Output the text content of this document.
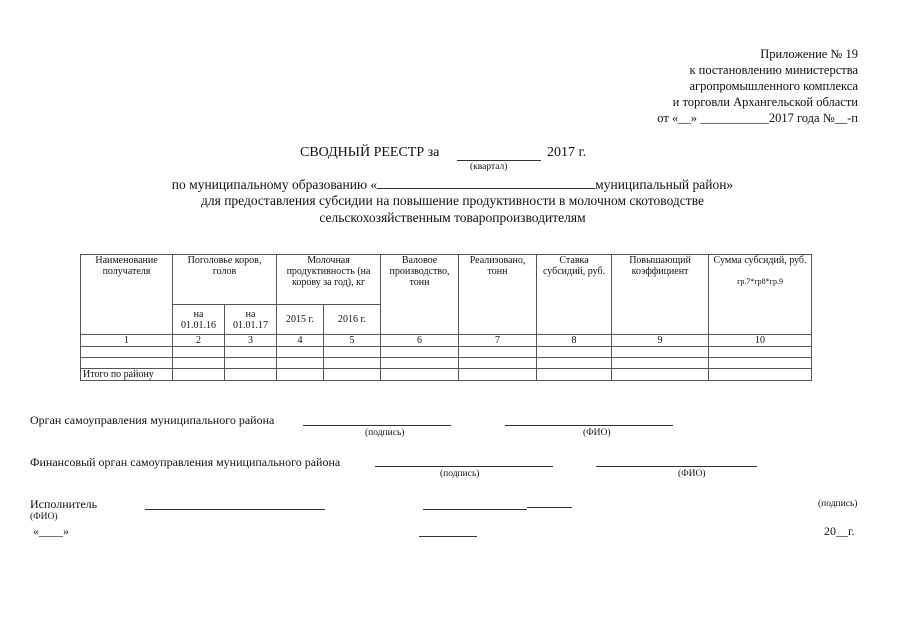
Приложение № 19
к постановлению министерства
агропромышленного комплекса
и торговли Архангельской области
от «__» ___________2017 года №__-п
СВОДНЫЙ РЕЕСТР за	2017 г.
(квартал)
по муниципальному образованию «	муниципальный район»
для предоставления субсидии на повышение продуктивности в молочном скотоводстве
сельскохозяйственным товаропроизводителям
Наименование получателя	Поголовье коров, голов		Молочная продуктивность (на корову за год), кг		Валовое производство, тонн	Реализовано, тонн	Ставка субсидий, руб.	Повышающий коэффициент	Сумма субсидий, руб.
гр.7*гр8*гр.9

	на 01.01.16	на 01.01.17	2015 г.	2016 г.					
1	2	3	4	5	6	7	8	9	10

Итого по району									
Орган самоуправления муниципального района
(подпись)	(ФИО)
Финансовый орган самоуправления муниципального района
(подпись)	(ФИО)
Исполнитель	(подпись)
(ФИО)
«____»	20__г.
